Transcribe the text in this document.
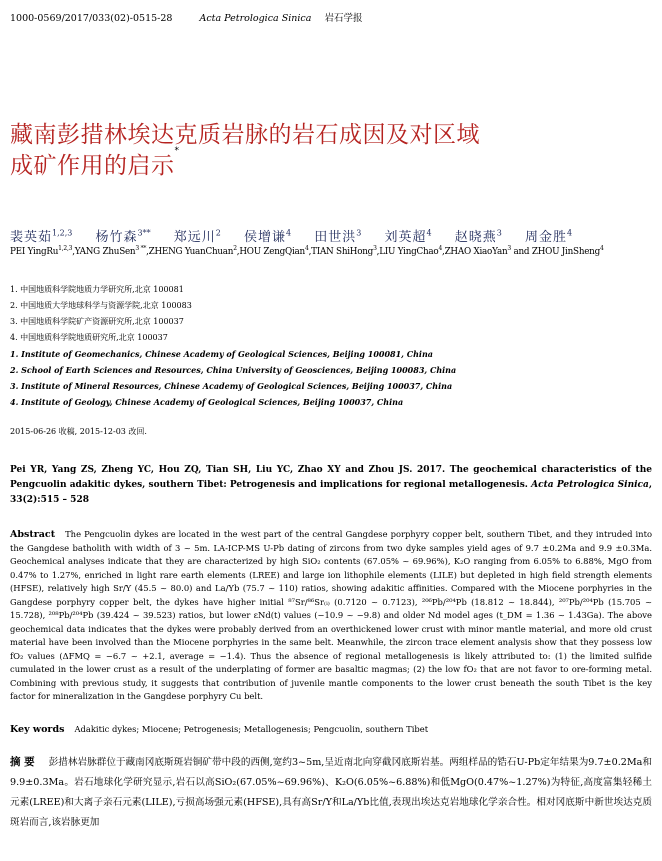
1000-0569/2017/033(02)-0515-28	Acta Petrologica Sinica 岩石学报
藏南彭措林埃达克质岩脉的岩石成因及对区域
成矿作用的启示*
裴英茹$^{1,2,3}$ 杨竹森$^{3**}$ 郑远川$^2$ 侯增谦$^4$ 田世洪$^3$ 刘英超$^4$ 赵晓燕$^3$ 周金胜$^4$
PEI YingRu$^{1,2,3}$,YANG ZhuSen$^{3 **}$,ZHENG YuanChuan$^2$,HOU ZengQian$^4$,TIAN ShiHong$^3$,LIU YingChao$^4$,ZHAO XiaoYan$^3$ and ZHOU JinSheng$^4$
1. 中国地质科学院地质力学研究所,北京 100081
2. 中国地质大学地球科学与资源学院,北京 100083
3. 中国地质科学院矿产资源研究所,北京 100037
4. 中国地质科学院地质研究所,北京 100037
1. Institute of Geomechanics, Chinese Academy of Geological Sciences, Beijing 100081, China
2. School of Earth Sciences and Resources, China University of Geosciences, Beijing 100083, China
3. Institute of Mineral Resources, Chinese Academy of Geological Sciences, Beijing 100037, China
4. Institute of Geology, Chinese Academy of Geological Sciences, Beijing 100037, China
2015-06-26 收稿, 2015-12-03 改回.
Pei YR, Yang ZS, Zheng YC, Hou ZQ, Tian SH, Liu YC, Zhao XY and Zhou JS. 2017. The geochemical characteristics of the Pengcuolin adakitic dykes, southern Tibet: Petrogenesis and implications for regional metallogenesis. Acta Petrologica Sinica, 33(2):515 – 528
Abstract The Pengcuolin dykes are located in the west part of the central Gangdese porphyry copper belt, southern Tibet, and they intruded into the Gangdese batholith with width of 3 ~ 5m. LA-ICP-MS U-Pb dating of zircons from two dyke samples yield ages of 9.7 ±0.2Ma and 9.9 ±0.3Ma. Geochemical analyses indicate that they are characterized by high SiO₂ contents (67.05% ~ 69.96%), K₂O ranging from 6.05% to 6.88%, MgO from 0.47% to 1.27%, enriched in light rare earth elements (LREE) and large ion lithophile elements (LILE) but depleted in high field strength elements (HFSE), relatively high Sr/Y (45.5 ~ 80.0) and La/Yb (75.7 ~ 110) ratios, showing adakitic affinities. Compared with the Miocene porphyries in the Gangdese porphyry copper belt, the dykes have higher initial ⁸⁷Sr/⁸⁶Sr₍ᵢ₎ (0.7120 ~ 0.7123), ²⁰⁶Pb/²⁰⁴Pb (18.812 ~ 18.844), ²⁰⁷Pb/²⁰⁴Pb (15.705 ~ 15.728), ²⁰⁸Pb/²⁰⁴Pb (39.424 ~ 39.523) ratios, but lower εNd(t) values (−10.9 ~ −9.8) and older Nd model ages (t_DM = 1.36 ~ 1.43Ga). The above geochemical data indicates that the dykes were probably derived from an overthickened lower crust with minor mantle material, and more old crust material have been involved than the Miocene porphyries in the same belt. Meanwhile, the zircon trace element analysis show that they possess low fO₂ values (ΔFMQ = −6.7 ~ +2.1, average = −1.4). Thus the absence of regional metallogenesis is likely attributed to: (1) the limited sulfide cumulated in the lower crust as a result of the underplating of former are basaltic magmas; (2) the low fO₂ that are not favor to ore-forming metal. Combining with previous study, it suggests that contribution of juvenile mantle components to the lower crust beneath the south Tibet is the key factor for mineralization in the Gangdese porphyry Cu belt.
Key words Adakitic dykes; Miocene; Petrogenesis; Metallogenesis; Pengcuolin, southern Tibet
摘 要 彭措林岩脉群位于藏南冈底斯斑岩铜矿带中段的西侧,宽约3~5m,呈近南北向穿截冈底斯岩基。两组样品的锆石U-Pb定年结果为9.7±0.2Ma和9.9±0.3Ma。岩石地球化学研究显示,岩石以高SiO₂(67.05%~69.96%)、K₂O(6.05%~6.88%)和低MgO(0.47%~1.27%)为特征,高度富集轻稀土元素(LREE)和大离子亲石元素(LILE),亏损高场强元素(HFSE),具有高Sr/Y和La/Yb比值,表现出埃达克岩地球化学亲合性。相对冈底斯中新世埃达克质斑岩而言,该岩脉更加
